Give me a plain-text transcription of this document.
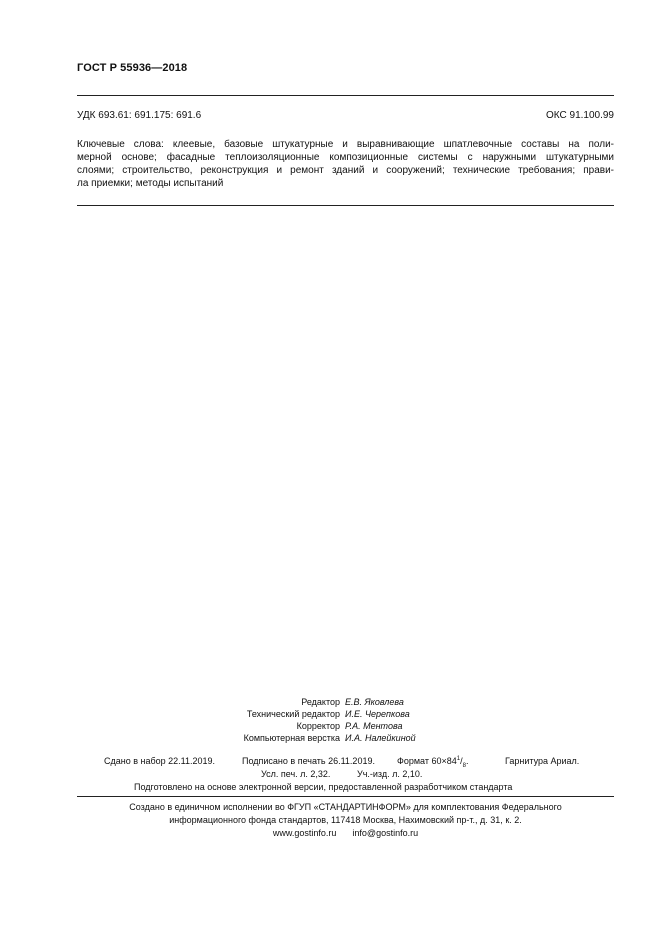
ГОСТ Р 55936—2018
УДК 693.61: 691.175: 691.6	ОКС 91.100.99
Ключевые слова: клеевые, базовые штукатурные и выравнивающие шпатлевочные составы на поли-
мерной основе; фасадные теплоизоляционные композиционные системы с наружными штукатурными
слоями; строительство, реконструкция и ремонт зданий и сооружений; технические требования; прави-
ла приемки; методы испытаний
Редактор Е.В. Яковлева
Технический редактор И.Е. Черепкова
Корректор Р.А. Ментова
Компьютерная верстка И.А. Налейкиной
Сдано в набор 22.11.2019.	Подписано в печать 26.11.2019. Формат $60\times 84^1/_8$.	Гарнитура Ариал.
Усл. печ. л. 2,32.	Уч.-изд. л. 2,10.
Подготовлено на основе электронной версии, предоставленной разработчиком стандарта
Создано в единичном исполнении во ФГУП «СТАНДАРТИНФОРМ» для комплектования Федерального
информационного фонда стандартов, 117418 Москва, Нахимовский пр-т., д. 31, к. 2.
www.gostinfo.ru info@gostinfo.ru
